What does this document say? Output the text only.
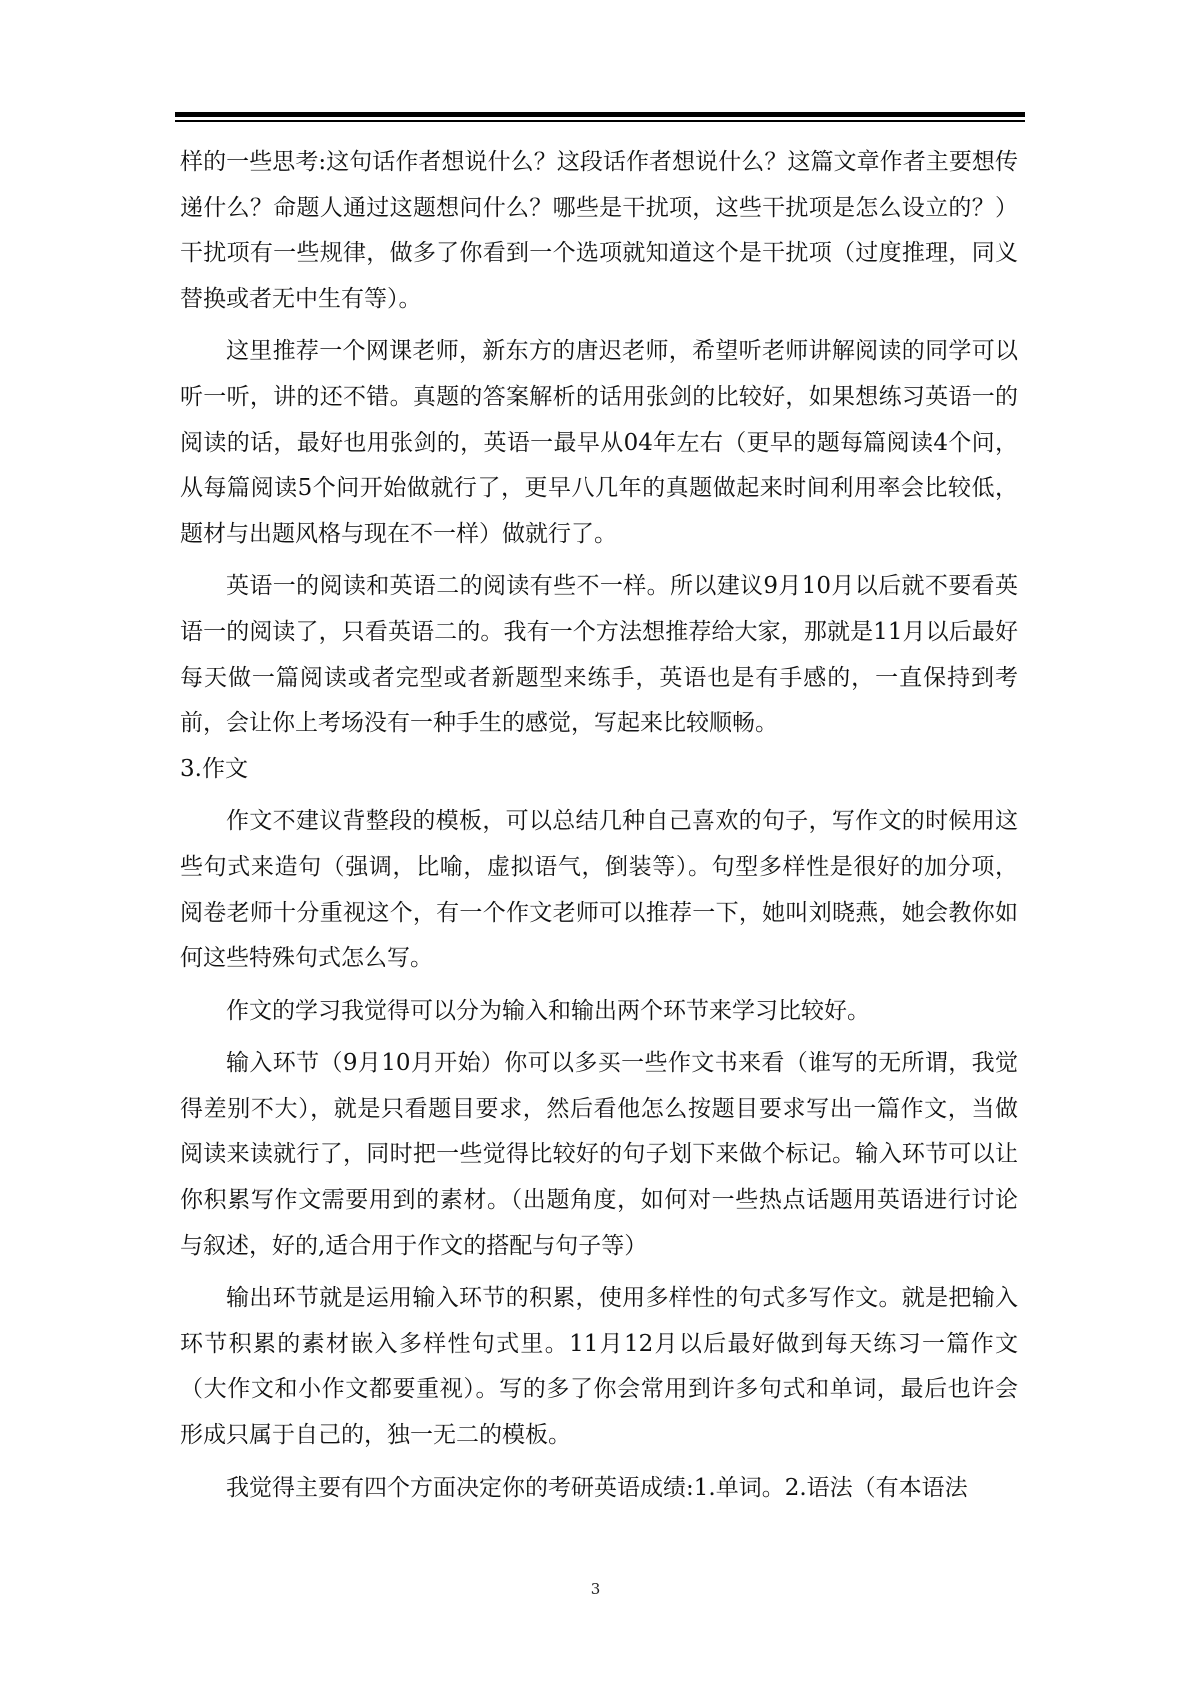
样的一些思考:这句话作者想说什么？这段话作者想说什么？这篇文章作者主要想传递什么？命题人通过这题想问什么？哪些是干扰项，这些干扰项是怎么设立的？）干扰项有一些规律，做多了你看到一个选项就知道这个是干扰项（过度推理，同义替换或者无中生有等）。

这里推荐一个网课老师，新东方的唐迟老师，希望听老师讲解阅读的同学可以听一听，讲的还不错。真题的答案解析的话用张剑的比较好，如果想练习英语一的阅读的话，最好也用张剑的，英语一最早从04年左右（更早的题每篇阅读4个问，从每篇阅读5个问开始做就行了，更早八几年的真题做起来时间利用率会比较低，题材与出题风格与现在不一样）做就行了。

英语一的阅读和英语二的阅读有些不一样。所以建议9月10月以后就不要看英语一的阅读了，只看英语二的。我有一个方法想推荐给大家，那就是11月以后最好每天做一篇阅读或者完型或者新题型来练手，英语也是有手感的，一直保持到考前，会让你上考场没有一种手生的感觉，写起来比较顺畅。

3.作文

作文不建议背整段的模板，可以总结几种自己喜欢的句子，写作文的时候用这些句式来造句（强调，比喻，虚拟语气，倒装等）。句型多样性是很好的加分项，阅卷老师十分重视这个，有一个作文老师可以推荐一下，她叫刘晓燕，她会教你如何这些特殊句式怎么写。

作文的学习我觉得可以分为输入和输出两个环节来学习比较好。

输入环节（9月10月开始）你可以多买一些作文书来看（谁写的无所谓，我觉得差别不大），就是只看题目要求，然后看他怎么按题目要求写出一篇作文，当做阅读来读就行了，同时把一些觉得比较好的句子划下来做个标记。输入环节可以让你积累写作文需要用到的素材。（出题角度，如何对一些热点话题用英语进行讨论与叙述，好的,适合用于作文的搭配与句子等）

输出环节就是运用输入环节的积累，使用多样性的句式多写作文。就是把输入环节积累的素材嵌入多样性句式里。11月12月以后最好做到每天练习一篇作文（大作文和小作文都要重视）。写的多了你会常用到许多句式和单词，最后也许会形成只属于自己的，独一无二的模板。

我觉得主要有四个方面决定你的考研英语成绩:1.单词。2.语法（有本语法

3
